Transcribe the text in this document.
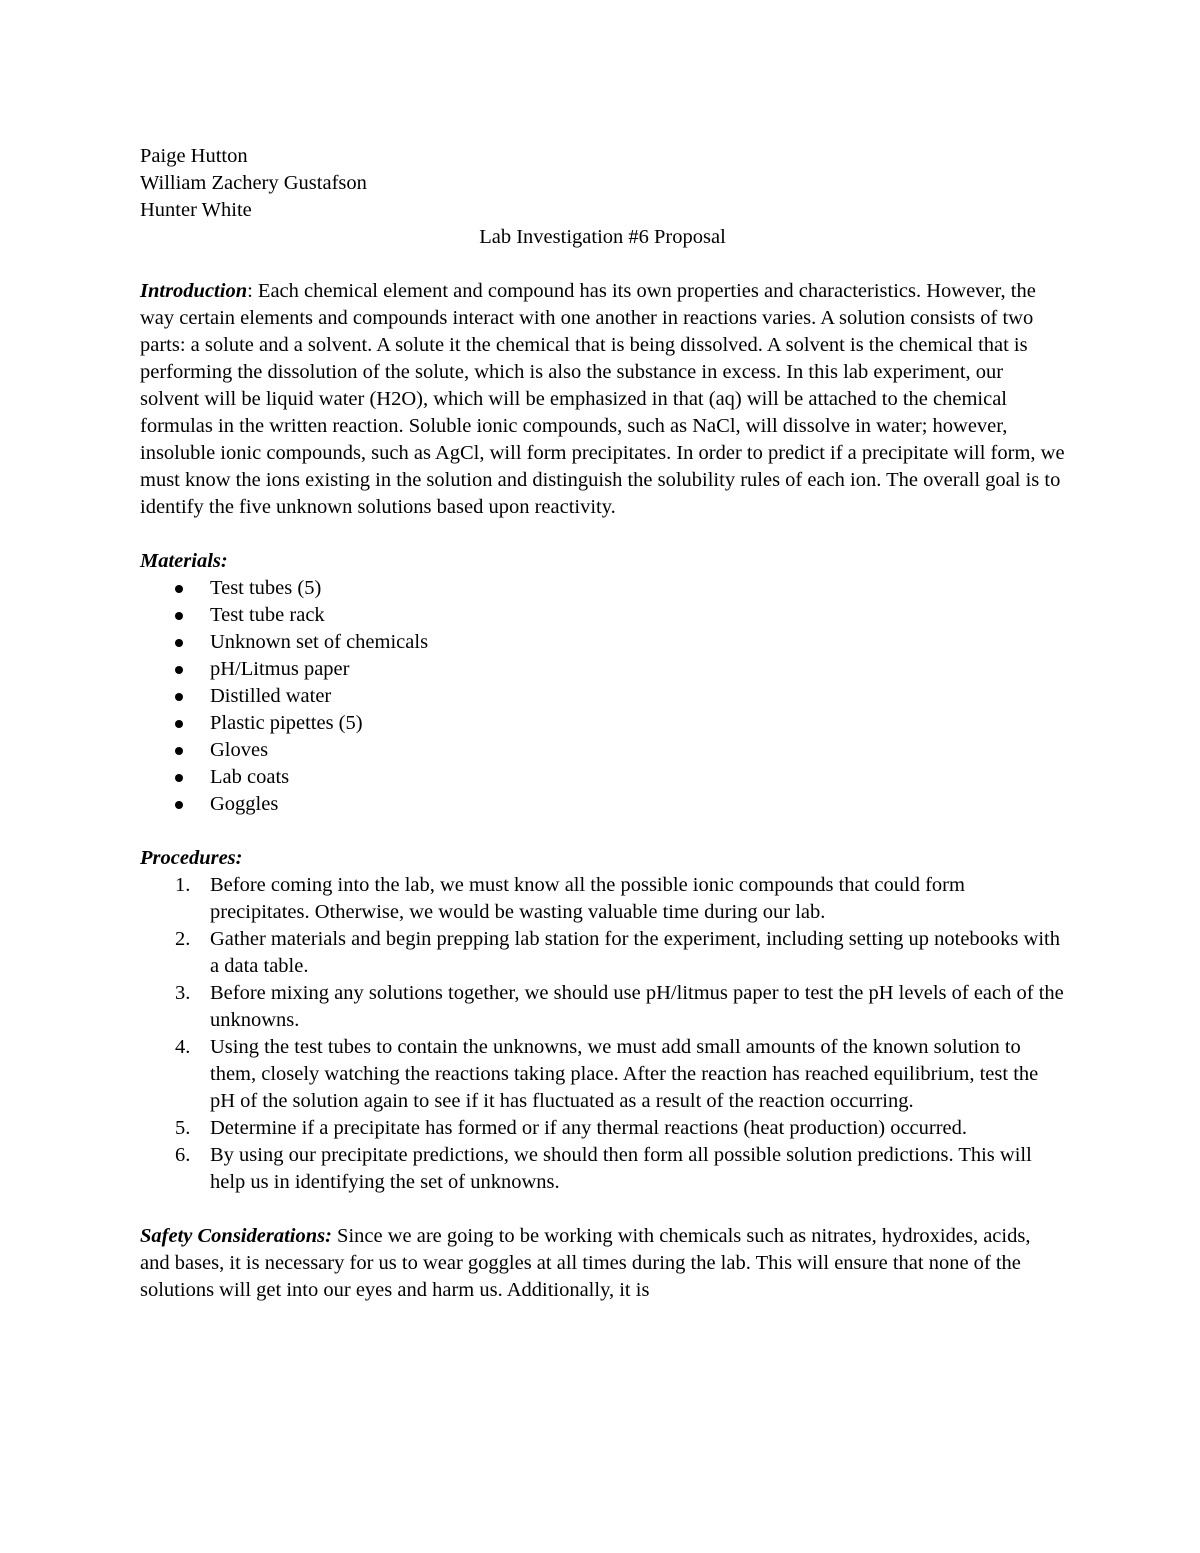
Paige Hutton
William Zachery Gustafson
Hunter White
Lab Investigation #6 Proposal

Introduction: Each chemical element and compound has its own properties and characteristics. However, the way certain elements and compounds interact with one another in reactions varies. A solution consists of two parts: a solute and a solvent. A solute it the chemical that is being dissolved. A solvent is the chemical that is performing the dissolution of the solute, which is also the substance in excess. In this lab experiment, our solvent will be liquid water (H2O), which will be emphasized in that (aq) will be attached to the chemical formulas in the written reaction. Soluble ionic compounds, such as NaCl, will dissolve in water; however, insoluble ionic compounds, such as AgCl, will form precipitates. In order to predict if a precipitate will form, we must know the ions existing in the solution and distinguish the solubility rules of each ion. The overall goal is to identify the five unknown solutions based upon reactivity.

Materials:
Test tubes (5)
Test tube rack
Unknown set of chemicals
pH/Litmus paper
Distilled water
Plastic pipettes (5)
Gloves
Lab coats
Goggles
Procedures:
1. Before coming into the lab, we must know all the possible ionic compounds that could form precipitates. Otherwise, we would be wasting valuable time during our lab.
2. Gather materials and begin prepping lab station for the experiment, including setting up notebooks with a data table.
3. Before mixing any solutions together, we should use pH/litmus paper to test the pH levels of each of the unknowns.
4. Using the test tubes to contain the unknowns, we must add small amounts of the known solution to them, closely watching the reactions taking place. After the reaction has reached equilibrium, test the pH of the solution again to see if it has fluctuated as a result of the reaction occurring.
5. Determine if a precipitate has formed or if any thermal reactions (heat production) occurred.
6. By using our precipitate predictions, we should then form all possible solution predictions. This will help us in identifying the set of unknowns.

Safety Considerations: Since we are going to be working with chemicals such as nitrates, hydroxides, acids, and bases, it is necessary for us to wear goggles at all times during the lab. This will ensure that none of the solutions will get into our eyes and harm us. Additionally, it is
